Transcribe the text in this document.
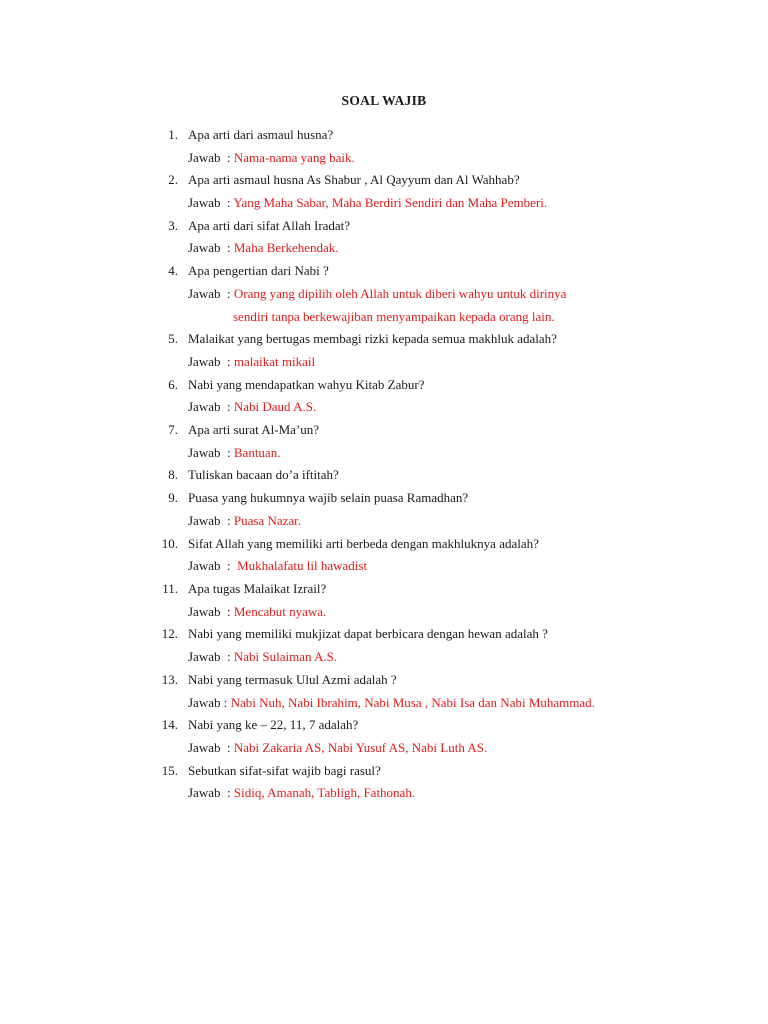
SOAL WAJIB
1. Apa arti dari asmaul husna?
Jawab  : Nama-nama yang baik.
2. Apa arti asmaul husna As Shabur , Al Qayyum dan Al Wahhab?
Jawab  : Yang Maha Sabar, Maha Berdiri Sendiri dan Maha Pemberi.
3. Apa arti dari sifat Allah Iradat?
Jawab  : Maha Berkehendak.
4. Apa pengertian dari Nabi ?
Jawab  : Orang yang dipilih oleh Allah untuk diberi wahyu untuk dirinya
sendiri tanpa berkewajiban menyampaikan kepada orang lain.
5. Malaikat yang bertugas membagi rizki kepada semua makhluk adalah?
Jawab  : malaikat mikail
6. Nabi yang mendapatkan wahyu Kitab Zabur?
Jawab  : Nabi Daud A.S.
7. Apa arti surat Al-Ma’un?
Jawab  : Bantuan.
8. Tuliskan bacaan do’a iftitah?
9. Puasa yang hukumnya wajib selain puasa Ramadhan?
Jawab  : Puasa Nazar.
10. Sifat Allah yang memiliki arti berbeda dengan makhluknya adalah?
Jawab  :  Mukhalafatu lil hawadist
11. Apa tugas Malaikat Izrail?
Jawab  : Mencabut nyawa.
12. Nabi yang memiliki mukjizat dapat berbicara dengan hewan adalah ?
Jawab  : Nabi Sulaiman A.S.
13. Nabi yang termasuk Ulul Azmi adalah ?
Jawab : Nabi Nuh, Nabi Ibrahim, Nabi Musa , Nabi Isa dan Nabi Muhammad.
14. Nabi yang ke – 22, 11, 7 adalah?
Jawab  : Nabi Zakaria AS, Nabi Yusuf AS, Nabi Luth AS.
15. Sebutkan sifat-sifat wajib bagi rasul?
Jawab  : Sidiq, Amanah, Tabligh, Fathonah.
